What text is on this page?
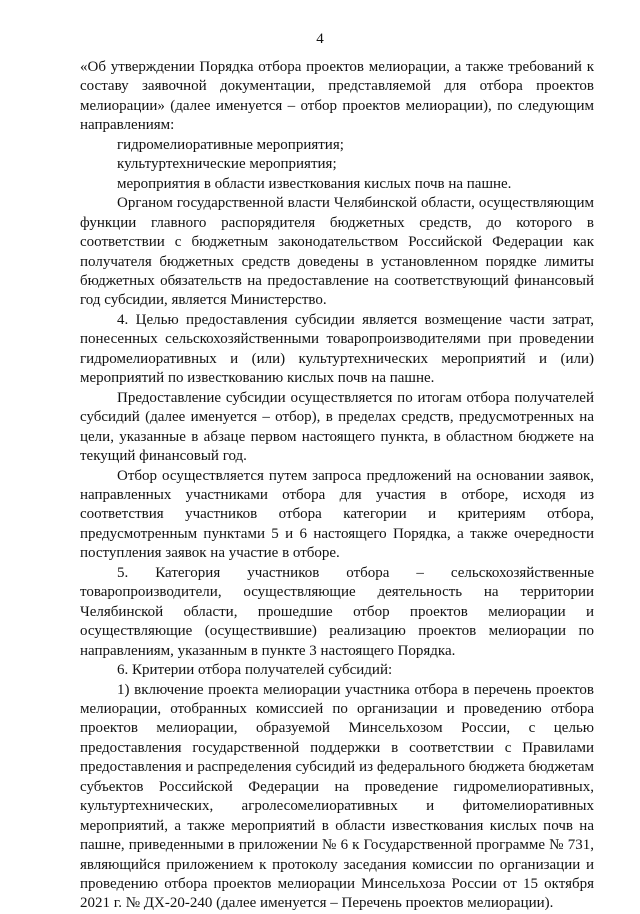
4

«Об утверждении Порядка отбора проектов мелиорации, а также требований к составу заявочной документации, представляемой для отбора проектов мелиорации» (далее именуется – отбор проектов мелиорации), по следующим направлениям:

гидромелиоративные мероприятия;

культуртехнические мероприятия;

мероприятия в области известкования кислых почв на пашне.

Органом государственной власти Челябинской области, осуществляющим функции главного распорядителя бюджетных средств, до которого в соответствии с бюджетным законодательством Российской Федерации как получателя бюджетных средств доведены в установленном порядке лимиты бюджетных обязательств на предоставление на соответствующий финансовый год субсидии, является Министерство.

4. Целью предоставления субсидии является возмещение части затрат, понесенных сельскохозяйственными товаропроизводителями при проведении гидромелиоративных и (или) культуртехнических мероприятий и (или) мероприятий по известкованию кислых почв на пашне.

Предоставление субсидии осуществляется по итогам отбора получателей субсидий (далее именуется – отбор), в пределах средств, предусмотренных на цели, указанные в абзаце первом настоящего пункта, в областном бюджете на текущий финансовый год.

Отбор осуществляется путем запроса предложений на основании заявок, направленных участниками отбора для участия в отборе, исходя из соответствия участников отбора категории и критериям отбора, предусмотренным пунктами 5 и 6 настоящего Порядка, а также очередности поступления заявок на участие в отборе.

5. Категория участников отбора – сельскохозяйственные товаропроизводители, осуществляющие деятельность на территории Челябинской области, прошедшие отбор проектов мелиорации и осуществляющие (осуществившие) реализацию проектов мелиорации по направлениям, указанным в пункте 3 настоящего Порядка.

6. Критерии отбора получателей субсидий:

1) включение проекта мелиорации участника отбора в перечень проектов мелиорации, отобранных комиссией по организации и проведению отбора проектов мелиорации, образуемой Минсельхозом России, с целью предоставления государственной поддержки в соответствии с Правилами предоставления и распределения субсидий из федерального бюджета бюджетам субъектов Российской Федерации на проведение гидромелиоративных, культуртехнических, агролесомелиоративных и фитомелиоративных мероприятий, а также мероприятий в области известкования кислых почв на пашне, приведенными в приложении № 6 к Государственной программе № 731, являющийся приложением к протоколу заседания комиссии по организации и проведению отбора проектов мелиорации Минсельхоза России от 15 октября 2021 г. № ДХ-20-240 (далее именуется – Перечень проектов мелиорации).
